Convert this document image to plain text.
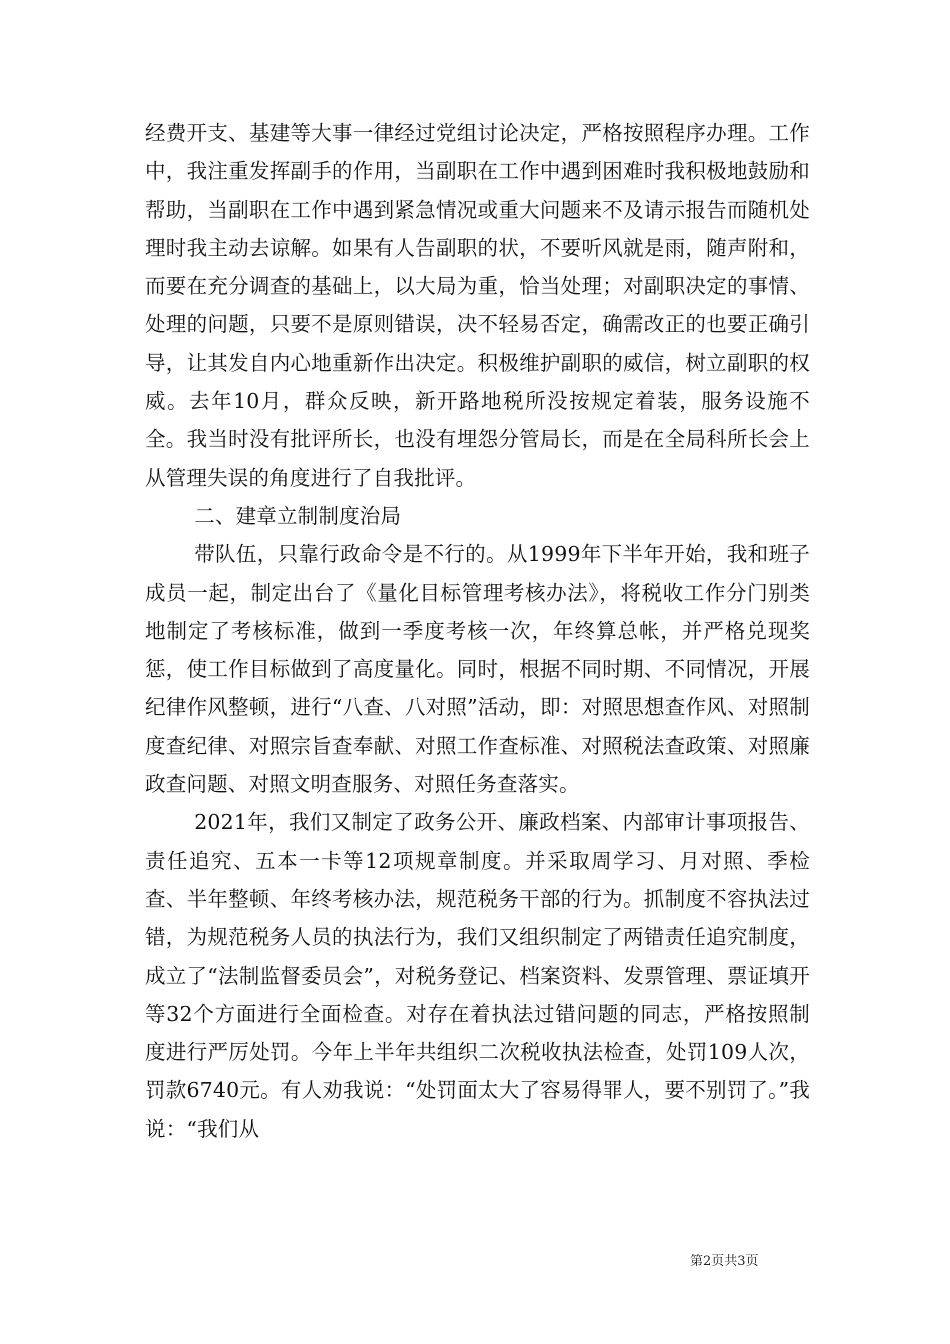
经费开支、基建等大事一律经过党组讨论决定，严格按照程序办理。工作中，我注重发挥副手的作用，当副职在工作中遇到困难时我积极地鼓励和帮助，当副职在工作中遇到紧急情况或重大问题来不及请示报告而随机处理时我主动去谅解。如果有人告副职的状，不要听风就是雨，随声附和，而要在充分调查的基础上，以大局为重，恰当处理；对副职决定的事情、处理的问题，只要不是原则错误，决不轻易否定，确需改正的也要正确引导，让其发自内心地重新作出决定。积极维护副职的威信，树立副职的权威。去年10月，群众反映，新开路地税所没按规定着装，服务设施不全。我当时没有批评所长，也没有埋怨分管局长，而是在全局科所长会上从管理失误的角度进行了自我批评。

二、建章立制制度治局

带队伍，只靠行政命令是不行的。从1999年下半年开始，我和班子成员一起，制定出台了《量化目标管理考核办法》，将税收工作分门别类地制定了考核标准，做到一季度考核一次，年终算总帐，并严格兑现奖惩，使工作目标做到了高度量化。同时，根据不同时期、不同情况，开展纪律作风整顿，进行“八查、八对照”活动，即：对照思想查作风、对照制度查纪律、对照宗旨查奉献、对照工作查标准、对照税法查政策、对照廉政查问题、对照文明查服务、对照任务查落实。

2021年，我们又制定了政务公开、廉政档案、内部审计事项报告、责任追究、五本一卡等12项规章制度。并采取周学习、月对照、季检查、半年整顿、年终考核办法，规范税务干部的行为。抓制度不容执法过错，为规范税务人员的执法行为，我们又组织制定了两错责任追究制度，成立了“法制监督委员会”，对税务登记、档案资料、发票管理、票证填开等32个方面进行全面检查。对存在着执法过错问题的同志，严格按照制度进行严厉处罚。今年上半年共组织二次税收执法检查，处罚109人次，罚款6740元。有人劝我说：“处罚面太大了容易得罪人，要不别罚了。”我说：“我们从

第2页共3页
